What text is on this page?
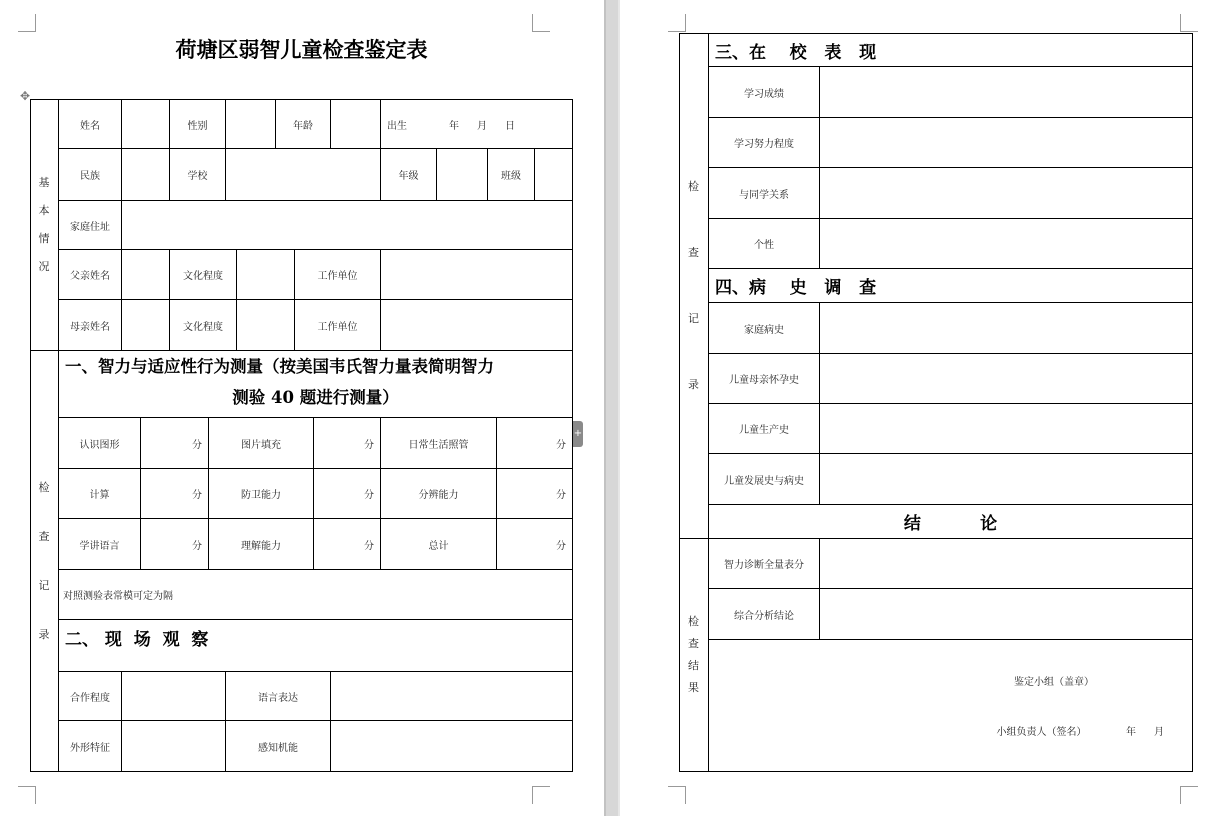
荷塘区弱智儿童检查鉴定表
✥
+
基
本
情
况
检
查
记
录
姓名	性别	年龄	出生	年 月 日
民族	学校	年级	班级
家庭住址
父亲姓名	文化程度	工作单位
母亲姓名	文化程度	工作单位
一、智力与适应性行为测量（按美国韦氏智力量表简明智力
测验 40 题进行测量）
认识图形	分	图片填充	分	日常生活照管	分
计算	分	防卫能力	分	分辨能力	分
学讲语言	分	理解能力	分	总计	分
对照测验表常模可定为隔
二、 现  场  观  察
合作程度	语言表达
外形特征	感知机能
检
查
记
录
检
查
结
果
三、在    校   表   现
学习成绩
学习努力程度
与同学关系
个性
四、病    史   调   查
家庭病史
儿童母亲怀孕史
儿童生产史
儿童发展史与病史
结          论
智力诊断全量表分
综合分析结论
鉴定小组（盖章）
小组负责人（签名）	年	月
